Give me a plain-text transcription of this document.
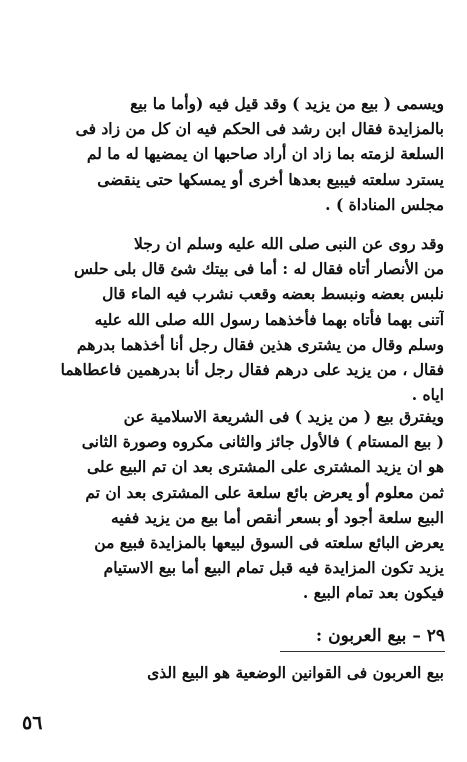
ويسمى ( بيع من يزيد ) وقد قيل فيه (وأما ما بيع
بالمزايدة فقال ابن رشد فى الحكم فيه ان كل من زاد فى
السلعة لزمته بما زاد ان أراد صاحبها ان يمضيها له ما لم
يسترد سلعته فيبيع بعدها أخرى أو يمسكها حتى ينقضى
مجلس المناداة ) .
وقد روى عن النبى صلى الله عليه وسلم ان رجلا
من الأنصار أتاه فقال له : أما فى بيتك شئ قال بلى حلس
نلبس بعضه ونبسط بعضه وقعب نشرب فيه الماء قال
آتنى بهما فأتاه بهما فأخذهما رسول الله صلى الله عليه
وسلم وقال من يشترى هذين فقال رجل أنا أخذهما بدرهم
فقال ، من يزيد على درهم فقال رجل أنا بدرهمين فاعطاهما
اياه .
ويفترق بيع ( من يزيد ) فى الشريعة الاسلامية عن
( بيع المستام ) فالأول جائز والثانى مكروه وصورة الثانى
هو ان يزيد المشترى على المشترى بعد ان تم البيع على
ثمن معلوم أو يعرض بائع سلعة على المشترى بعد ان تم
البيع سلعة أجود أو بسعر أنقص أما بيع من يزيد ففيه
يعرض البائع سلعته فى السوق لبيعها بالمزايدة فبيع من
يزيد تكون المزايدة فيه قبل تمام البيع أما بيع الاستيام
فيكون بعد تمام البيع .
٢٩ – بيع العربون :
بيع العربون فى القوانين الوضعية هو البيع الذى
٥٦
